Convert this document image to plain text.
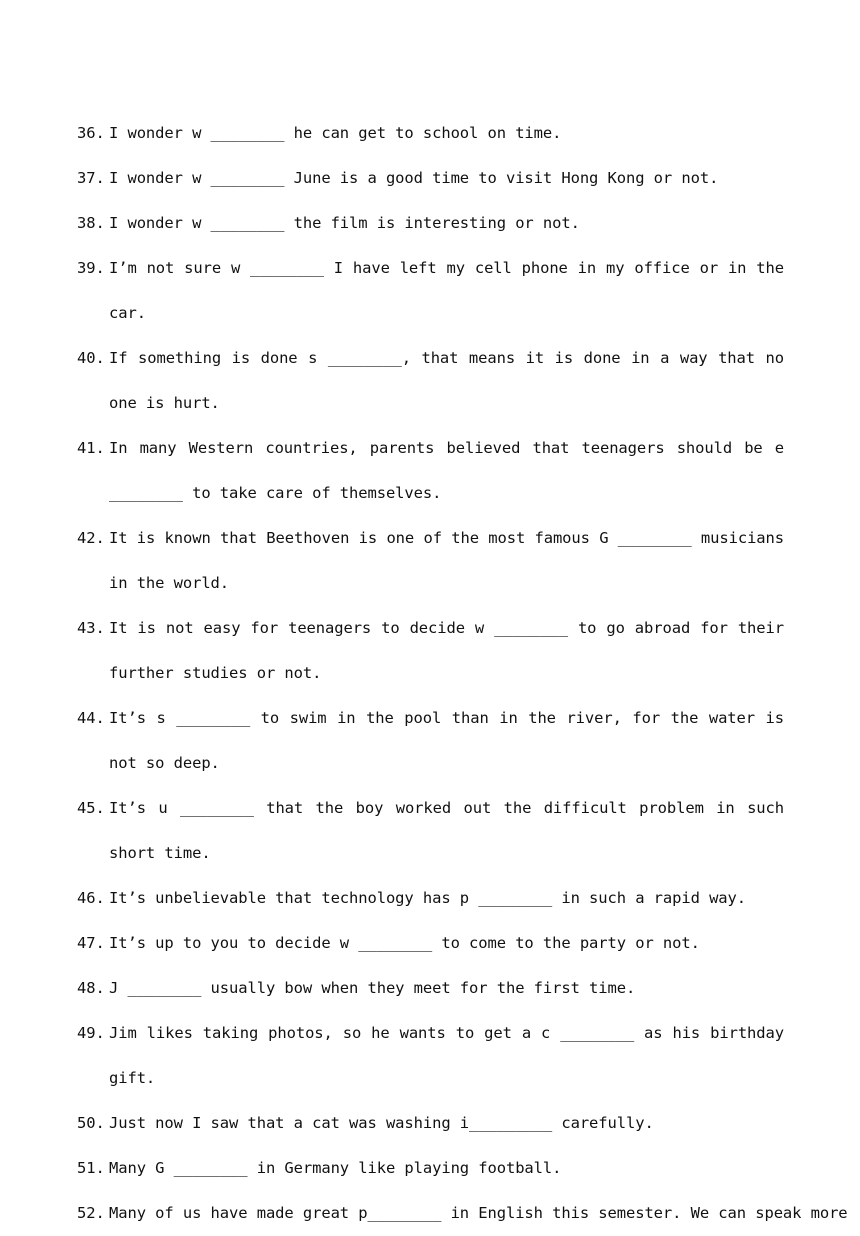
36. I wonder w ________ he can get to school on time.
37. I wonder w ________ June is a good time to visit Hong Kong or not.
38. I wonder w ________ the film is interesting or not.
39. I’m not sure w ________ I have left my cell phone in my office or in the car.
40. If something is done s ________, that means it is done in a way that no one is hurt.
41. In many Western countries, parents believed that teenagers should be e ________ to take care of themselves.
42. It is known that Beethoven is one of the most famous G ________ musicians in the world.
43. It is not easy for teenagers to decide w ________ to go abroad for their further studies or not.
44. It’s s ________ to swim in the pool than in the river, for the water is not so deep.
45. It’s u ________ that the boy worked out the difficult problem in such short time.
46. It’s unbelievable that technology has p ________ in such a rapid way.
47. It’s up to you to decide w ________ to come to the party or not.
48. J ________ usually bow when they meet for the first time.
49. Jim likes taking photos, so he wants to get a c ________ as his birthday gift.
50. Just now I saw that a cat was washing i_________ carefully.
51. Many G ________ in Germany like playing football.
52. Many of us have made great p________ in English this semester. We can speak more
